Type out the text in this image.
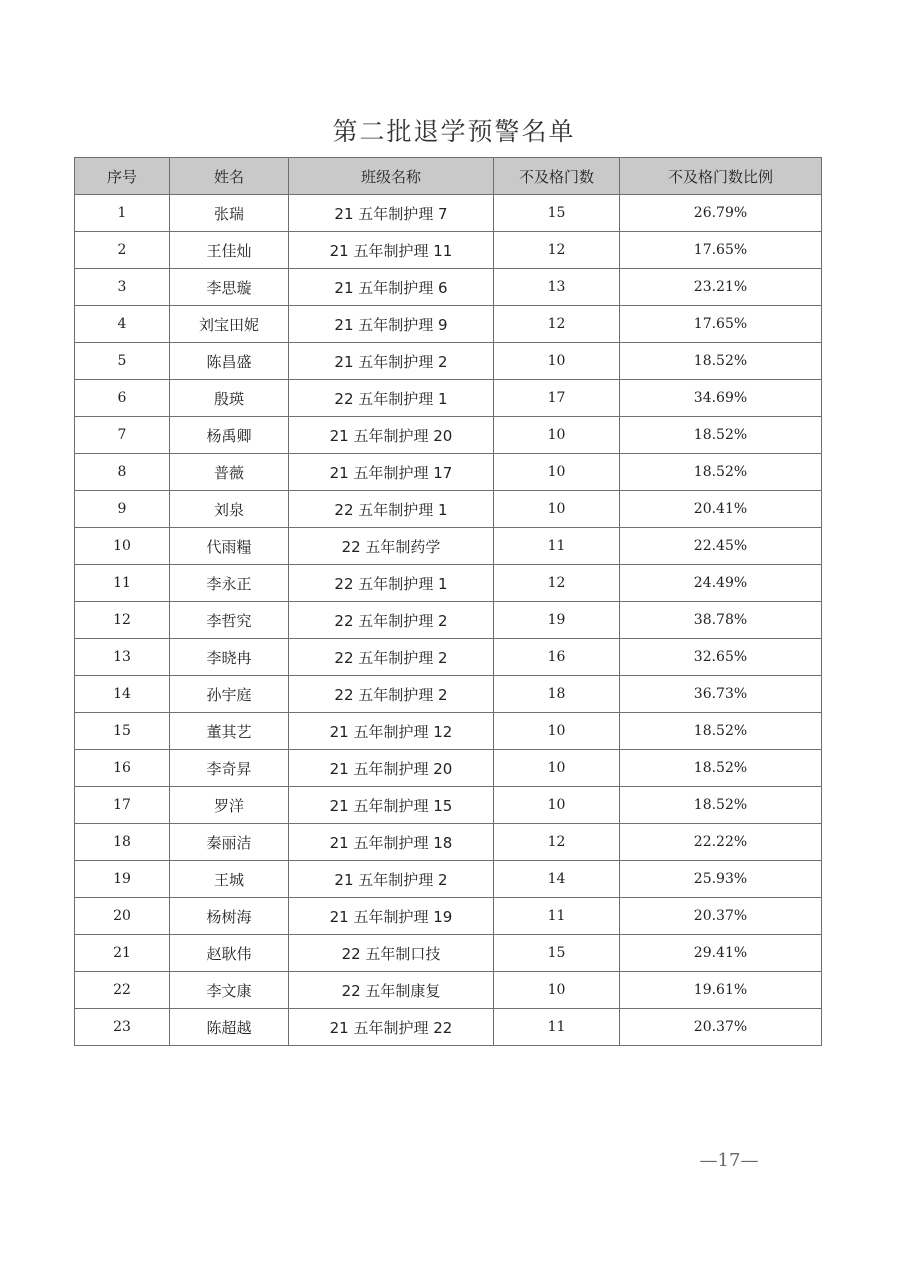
第二批退学预警名单
序号	姓名	班级名称	不及格门数	不及格门数比例
1	张瑞	21 五年制护理 7	15	26.79%
2	王佳灿	21 五年制护理 11	12	17.65%
3	李思璇	21 五年制护理 6	13	23.21%
4	刘宝田妮	21 五年制护理 9	12	17.65%
5	陈昌盛	21 五年制护理 2	10	18.52%
6	殷瑛	22 五年制护理 1	17	34.69%
7	杨禹卿	21 五年制护理 20	10	18.52%
8	普薇	21 五年制护理 17	10	18.52%
9	刘泉	22 五年制护理 1	10	20.41%
10	代雨糧	22 五年制药学	11	22.45%
11	李永正	22 五年制护理 1	12	24.49%
12	李哲究	22 五年制护理 2	19	38.78%
13	李晓冉	22 五年制护理 2	16	32.65%
14	孙宇庭	22 五年制护理 2	18	36.73%
15	董其艺	21 五年制护理 12	10	18.52%
16	李奇昇	21 五年制护理 20	10	18.52%
17	罗洋	21 五年制护理 15	10	18.52%
18	秦丽洁	21 五年制护理 18	12	22.22%
19	王城	21 五年制护理 2	14	25.93%
20	杨树海	21 五年制护理 19	11	20.37%
21	赵耿伟	22 五年制口技	15	29.41%
22	李文康	22 五年制康复	10	19.61%
23	陈超越	21 五年制护理 22	11	20.37%
—17—
